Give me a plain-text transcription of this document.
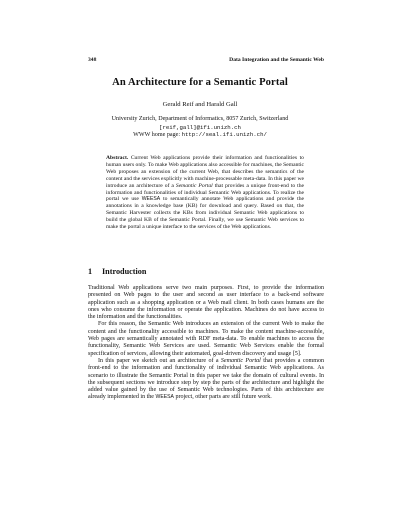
348	Data Integration and the Semantic Web
An Architecture for a Semantic Portal
Gerald Reif and Harald Gall
University Zurich, Department of Informatics, 8057 Zurich, Switzerland
[reif,gall]@ifi.unizh.ch
WWW home page: http://seal.ifi.unizh.ch/
Abstract. Current Web applications provide their information and functionalities to human users only. To make Web applications also accessible for machines, the Semantic Web proposes an extension of the current Web, that describes the semantics of the content and the services explicitly with machine-processable meta-data. In this paper we introduce an architecture of a Semantic Portal that provides a unique front-end to the information and functionalities of individual Semantic Web applications. To realize the portal we use WEESA to semantically annotate Web applications and provide the annotations in a knowledge base (KB) for download and query. Based on that, the Semantic Harvester collects the KBs from individual Semantic Web applications to build the global KB of the Semantic Portal. Finally, we use Semantic Web services to make the portal a unique interface to the services of the Web applications.
1 Introduction

Traditional Web applications serve two main purposes. First, to provide the information presented on Web pages to the user and second as user interface to a back-end software application such as a shopping application or a Web mail client. In both cases humans are the ones who consume the information or operate the application. Machines do not have access to the information and the functionalities.

For this reason, the Semantic Web introduces an extension of the current Web to make the content and the functionality accessible to machines. To make the content machine-accessible, Web pages are semantically annotated with RDF meta-data. To enable machines to access the functionality, Semantic Web Services are used. Semantic Web Services enable the formal specification of services, allowing their automated, goal-driven discovery and usage [5].

In this paper we sketch out an architecture of a Semantic Portal that provides a common front-end to the information and functionality of individual Semantic Web applications. As scenario to illustrate the Semantic Portal in this paper we take the domain of cultural events. In the subsequent sections we introduce step by step the parts of the architecture and highlight the added value gained by the use of Semantic Web technologies. Parts of this architecture are already implemented in the WEESA project, other parts are still future work.
